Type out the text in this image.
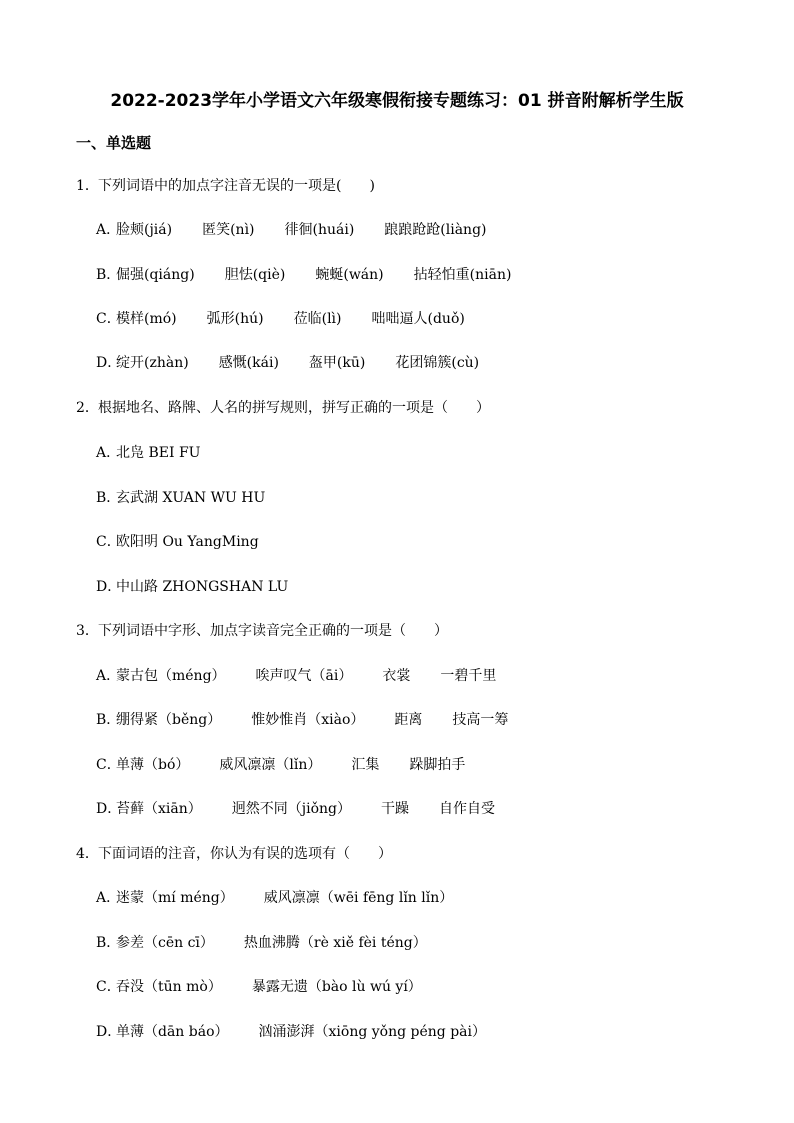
2022-2023学年小学语文六年级寒假衔接专题练习：01 拼音附解析学生版
一、单选题
1．下列词语中的加点字注音无误的一项是(　　)
A．脸颊(jiá) 匿笑(nì) 徘徊(huái) 踉踉跄跄(liàng)
B．倔强(qiáng) 胆怯(qiè) 蜿蜒(wán) 拈轻怕重(niān)
C．模样(mó) 弧形(hú) 莅临(lì) 咄咄逼人(duǒ)
D．绽开(zhàn) 感慨(kái) 盔甲(kū) 花团锦簇(cù)
2．根据地名、路牌、人名的拼写规则，拼写正确的一项是（　　）
A．北凫 BEI FU
B．玄武湖 XUAN WU HU
C．欧阳明 Ou YangMing
D．中山路 ZHONGSHAN LU
3．下列词语中字形、加点字读音完全正确的一项是（　　）
A．蒙古包（méng） 唉声叹气（āi） 衣裳 一碧千里
B．绷得紧（běng） 惟妙惟肖（xiào） 距离 技高一筹
C．单薄（bó） 威风凛凛（lǐn） 汇集 跺脚拍手
D．苔藓（xiān） 迥然不同（jiǒng） 干躁 自作自受
4．下面词语的注音，你认为有误的选项有（　　）
A．迷蒙（mí méng） 威风凛凛（wēi fēng lǐn lǐn）
B．参差（cēn cī） 热血沸腾（rè xiě fèi téng）
C．吞没（tūn mò） 暴露无遗（bào lù wú yí）
D．单薄（dān báo） 汹涌澎湃（xiōng yǒng péng pài）
